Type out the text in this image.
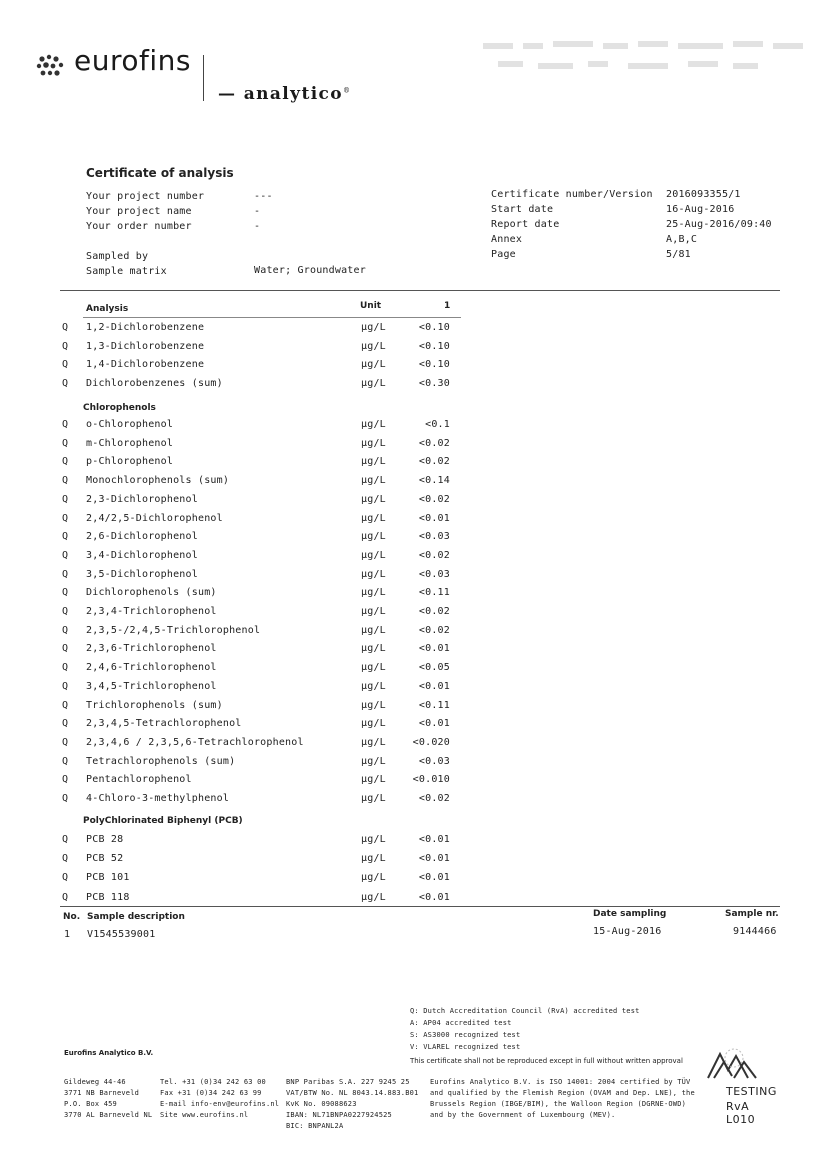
eurofins
— analytico®
Certificate of analysis
Your project number	---
Your project name	-
Your order number	-
Sampled by
Sample matrix	Water; Groundwater
Certificate number/Version 2016093355/1
Start date	16-Aug-2016
Report date	25-Aug-2016/09:40
Annex	A,B,C
Page	5/81
Analysis	Unit	1
Q 1,2-Dichlorobenzene	µg/L	<0.10
Q 1,3-Dichlorobenzene	µg/L	<0.10
Q 1,4-Dichlorobenzene	µg/L	<0.10
Q Dichlorobenzenes (sum)	µg/L	<0.30
Chlorophenols
Q o-Chlorophenol	µg/L	<0.1
Q m-Chlorophenol	µg/L	<0.02
Q p-Chlorophenol	µg/L	<0.02
Q Monochlorophenols (sum)	µg/L	<0.14
Q 2,3-Dichlorophenol	µg/L	<0.02
Q 2,4/2,5-Dichlorophenol	µg/L	<0.01
Q 2,6-Dichlorophenol	µg/L	<0.03
Q 3,4-Dichlorophenol	µg/L	<0.02
Q 3,5-Dichlorophenol	µg/L	<0.03
Q Dichlorophenols (sum)	µg/L	<0.11
Q 2,3,4-Trichlorophenol	µg/L	<0.02
Q 2,3,5-/2,4,5-Trichlorophenol	µg/L	<0.02
Q 2,3,6-Trichlorophenol	µg/L	<0.01
Q 2,4,6-Trichlorophenol	µg/L	<0.05
Q 3,4,5-Trichlorophenol	µg/L	<0.01
Q Trichlorophenols (sum)	µg/L	<0.11
Q 2,3,4,5-Tetrachlorophenol	µg/L	<0.01
Q 2,3,4,6 / 2,3,5,6-Tetrachlorophenol	µg/L	<0.020
Q Tetrachlorophenols (sum)	µg/L	<0.03
Q Pentachlorophenol	µg/L	<0.010
Q 4-Chloro-3-methylphenol	µg/L	<0.02
PolyChlorinated Biphenyl (PCB)
Q PCB 28	µg/L	<0.01
Q PCB 52	µg/L	<0.01
Q PCB 101	µg/L	<0.01
Q PCB 118	µg/L	<0.01
No. Sample description	Date sampling	Sample nr.
1 V1545539001	15-Aug-2016	9144466
Q: Dutch Accreditation Council (RvA) accredited test
A: AP04 accredited test
S: AS3000 recognized test
V: VLAREL recognized test
This certificate shall not be reproduced except in full without written approval
Eurofins Analytico B.V.
Gildeweg 44-46
3771 NB Barneveld
P.O. Box 459
3770 AL Barneveld NL
Tel. +31 (0)34 242 63 00
Fax +31 (0)34 242 63 99
E-mail info-env@eurofins.nl
Site www.eurofins.nl
BNP Paribas S.A. 227 9245 25
VAT/BTW No. NL 8043.14.883.B01
KvK No. 09088623
IBAN: NL71BNPA0227924525
BIC: BNPANL2A
Eurofins Analytico B.V. is ISO 14001: 2004 certified by TÜV
and qualified by the Flemish Region (OVAM and Dep. LNE), the
Brussels Region (IBGE/BIM), the Walloon Region (DGRNE-OWD)
and by the Government of Luxembourg (MEV).
TESTING
RvA L010
